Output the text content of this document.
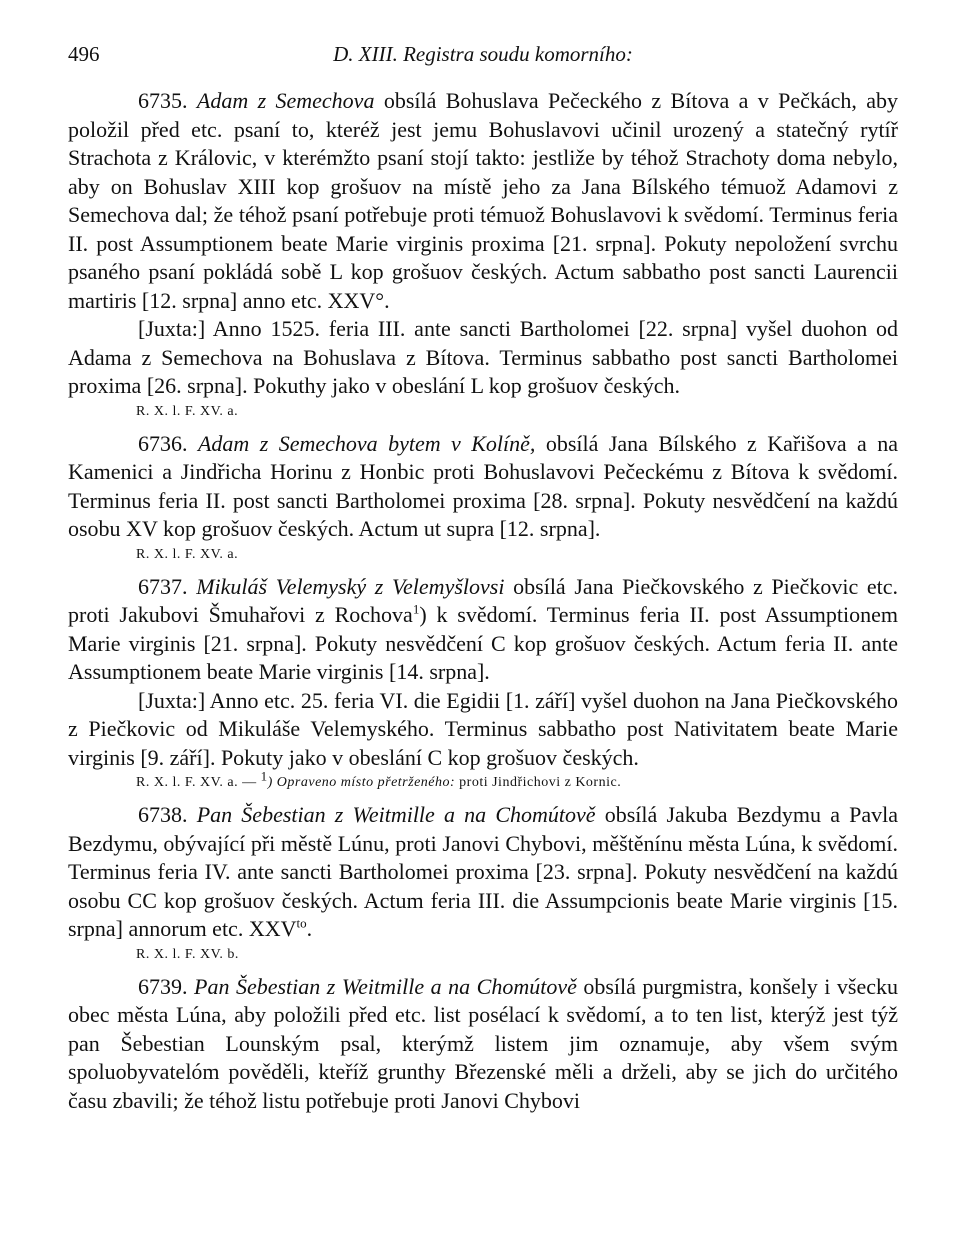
496	D. XIII. Registra soudu komorního:

6735. Adam z Semechova obsílá Bohuslava Pečeckého z Bítova a v Pečkách, aby položil před etc. psaní to, kteréž jest jemu Bohuslavovi učinil urozený a statečný rytíř Strachota z Královic, v kterémžto psaní stojí takto: jestliže by téhož Strachoty doma nebylo, aby on Bohuslav XIII kop grošuov na místě jeho za Jana Bílského témuož Adamovi z Semechova dal; že téhož psaní potřebuje proti témuož Bohuslavovi k svědomí. Terminus feria II. post Assumptionem beate Marie virginis proxima [21. srpna]. Pokuty nepoložení svrchu psaného psaní pokládá sobě L kop grošuov českých. Actum sabbatho post sancti Laurencii martiris [12. srpna] anno etc. XXV°.

[Juxta:] Anno 1525. feria III. ante sancti Bartholomei [22. srpna] vyšel duohon od Adama z Semechova na Bohuslava z Bítova. Terminus sabbatho post sancti Bartholomei proxima [26. srpna]. Pokuthy jako v obeslání L kop grošuov českých.

R. X. l. F. XV. a.

6736. Adam z Semechova bytem v Kolíně, obsílá Jana Bílského z Kařišova a na Kamenici a Jindřicha Horinu z Honbic proti Bohuslavovi Pečeckému z Bítova k svědomí. Terminus feria II. post sancti Bartholomei proxima [28. srpna]. Pokuty nesvědčení na každú osobu XV kop grošuov českých. Actum ut supra [12. srpna].

R. X. l. F. XV. a.

6737. Mikuláš Velemyský z Velemyšlovsi obsílá Jana Piečkovského z Piečkovic etc. proti Jakubovi Šmuhařovi z Rochova$^1$) k svědomí. Terminus feria II. post Assumptionem Marie virginis [21. srpna]. Pokuty nesvědčení C kop grošuov českých. Actum feria II. ante Assumptionem beate Marie virginis [14. srpna].

[Juxta:] Anno etc. 25. feria VI. die Egidii [1. září] vyšel duohon na Jana Piečkovského z Piečkovic od Mikuláše Velemyského. Terminus sabbatho post Nativitatem beate Marie virginis [9. září]. Pokuty jako v obeslání C kop grošuov českých.

R. X. l. F. XV. a. — 1) Opraveno místo přetrženého: proti Jindřichovi z Kornic.

6738. Pan Šebestian z Weitmille a na Chomútově obsílá Jakuba Bezdymu a Pavla Bezdymu, obývající při městě Lúnu, proti Janovi Chybovi, měštěnínu města Lúna, k svědomí. Terminus feria IV. ante sancti Bartholomei proxima [23. srpna]. Pokuty nesvědčení na každú osobu CC kop grošuov českých. Actum feria III. die Assumpcionis beate Marie virginis [15. srpna] annorum etc. $XXV^{to}$.

R. X. l. F. XV. b.

6739. Pan Šebestian z Weitmille a na Chomútově obsílá purgmistra, konšely i všecku obec města Lúna, aby položili před etc. list posélací k svědomí, a to ten list, kterýž jest týž pan Šebestian Lounským psal, kterýmž listem jim oznamuje, aby všem svým spoluobyvatelóm pověděli, kteříž grunthy Březenské měli a drželi, aby se jich do určitého času zbavili; že téhož listu potřebuje proti Janovi Chybovi
